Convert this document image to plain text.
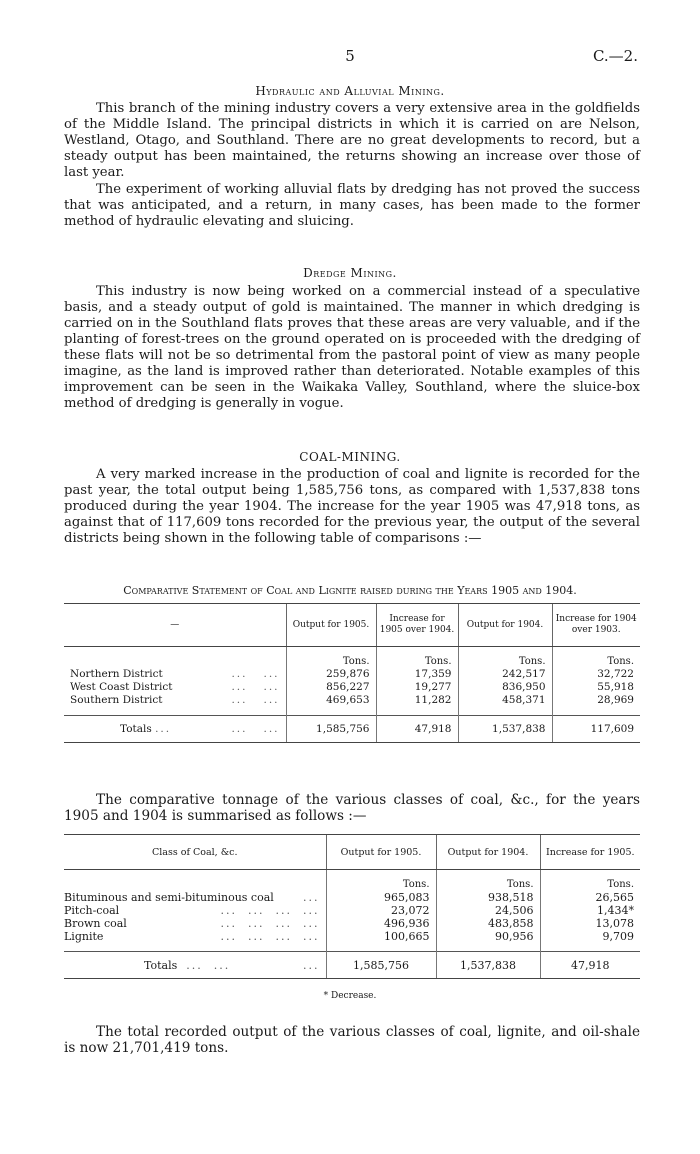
5	C.—2.
Hydraulic and Alluvial Mining.

This branch of the mining industry covers a very extensive area in the goldfields of the Middle Island. The principal districts in which it is carried on are Nelson, Westland, Otago, and Southland. There are no great developments to record, but a steady output has been maintained, the returns showing an increase over those of last year.

The experiment of working alluvial flats by dredging has not proved the success that was anticipated, and a return, in many cases, has been made to the former method of hydraulic elevating and sluicing.

Dredge Mining.

This industry is now being worked on a commercial instead of a speculative basis, and a steady output of gold is maintained. The manner in which dredging is carried on in the Southland flats proves that these areas are very valuable, and if the planting of forest-trees on the ground operated on is proceeded with the dredging of these flats will not be so detrimental from the pastoral point of view as many people imagine, as the land is improved rather than deteriorated. Notable examples of this improvement can be seen in the Waikaka Valley, Southland, where the sluice-box method of dredging is generally in vogue.

COAL-MINING.

A very marked increase in the production of coal and lignite is recorded for the past year, the total output being 1,585,756 tons, as compared with 1,537,838 tons produced during the year 1904. The increase for the year 1905 was 47,918 tons, as against that of 117,609 tons recorded for the previous year, the output of the several districts being shown in the following table of comparisons :—

Comparative Statement of Coal and Lignite raised during the Years 1905 and 1904.
—	Output for 1905.	Increase for 1905 over 1904.	Output for 1904.	Increase for 1904 over 1903.
	Tons.	Tons.	Tons.	Tons.
Northern District ...   ...	259,876	17,359	242,517	32,722
West Coast District ...   ...	856,227	19,277	836,950	55,918
Southern District ...   ...	469,653	11,282	458,371	28,969
Totals ... ...   ...	1,585,756	47,918	1,537,838	117,609

The comparative tonnage of the various classes of coal, &c., for the years 1905 and 1904 is summarised as follows :—

Class of Coal, &c.	Output for 1905.	Output for 1904.	Increase for 1905.
	Tons.	Tons.	Tons.
Bituminous and semi-bituminous coal ...	965,083	938,518	26,565
Pitch-coal ...  ...  ...  ...	23,072	24,506	1,434*
Brown coal ...  ...  ...  ...	496,936	483,858	13,078
Lignite ...  ...  ...  ...	100,665	90,956	9,709
Totals  ...  ... ...	1,585,756	1,537,838	47,918
* Decrease.

The total recorded output of the various classes of coal, lignite, and oil-shale is now 21,701,419 tons.
